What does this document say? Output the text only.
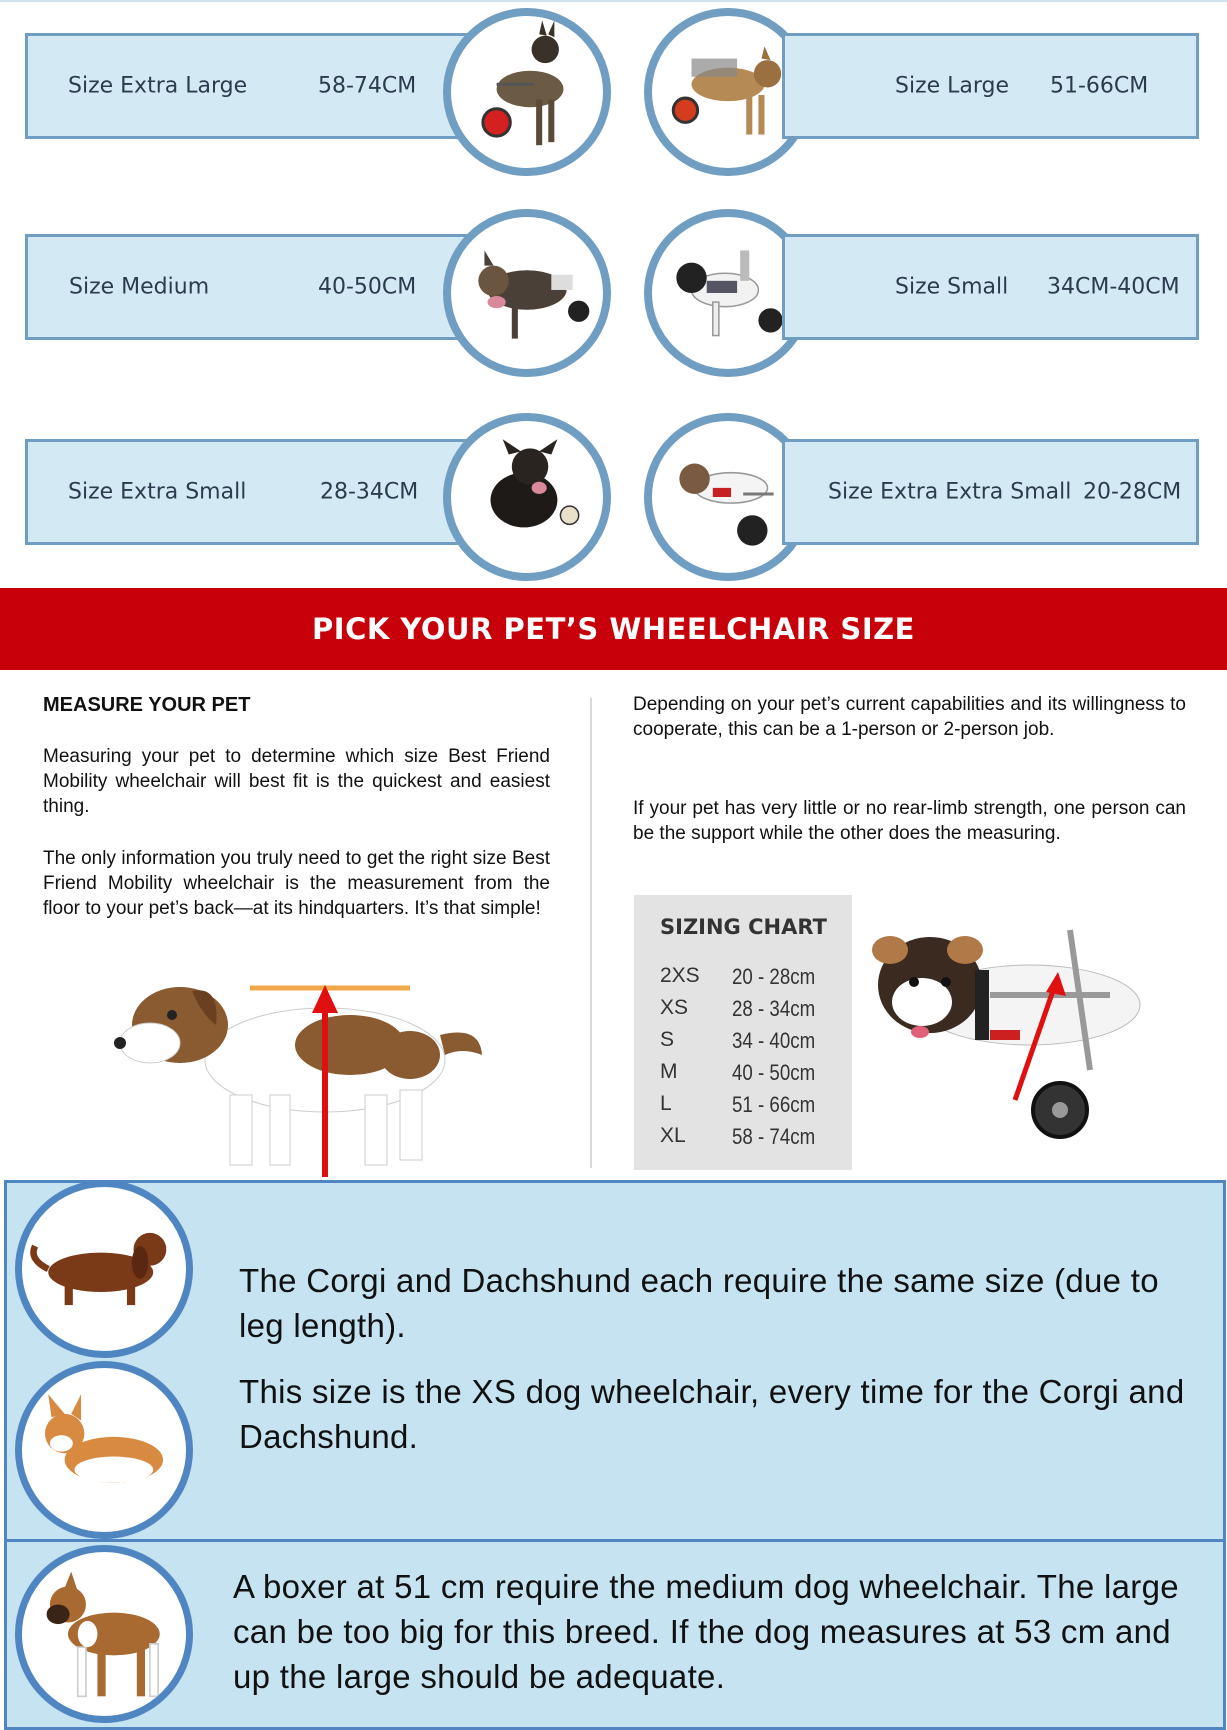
Size Extra Large	58-74CM	Size Large 51-66CM
Size Medium	40-50CM	Size Small 34CM-40CM
Size Extra Small	28-34CM	Size Extra Extra Small 20-28CM
PICK YOUR PET’S WHEELCHAIR SIZE
MEASURE YOUR PET

Measuring your pet to determine which size Best Friend Mobility wheelchair will best fit is the quickest and easiest thing.

The only information you truly need to get the right size Best Friend Mobility wheelchair is the measurement from the floor to your pet’s back—at its hindquarters. It’s that simple!

Depending on your pet’s current capabilities and its willingness to cooperate, this can be a 1-person or 2-person job.

If your pet has very little or no rear-limb strength, one person can be the support while the other does the measuring.

SIZING CHART
2XS 20 - 28cm
XS 28 - 34cm
S	34 - 40cm
M 40 - 50cm
L	51 - 66cm
XL 58 - 74cm
The Corgi and Dachshund each require the same size (due to leg length).
This size is the XS dog wheelchair, every time for the Corgi and Dachshund.
A boxer at 51 cm require the medium dog wheelchair. The large can be too big for this breed. If the dog measures at 53 cm and up the large should be adequate.
